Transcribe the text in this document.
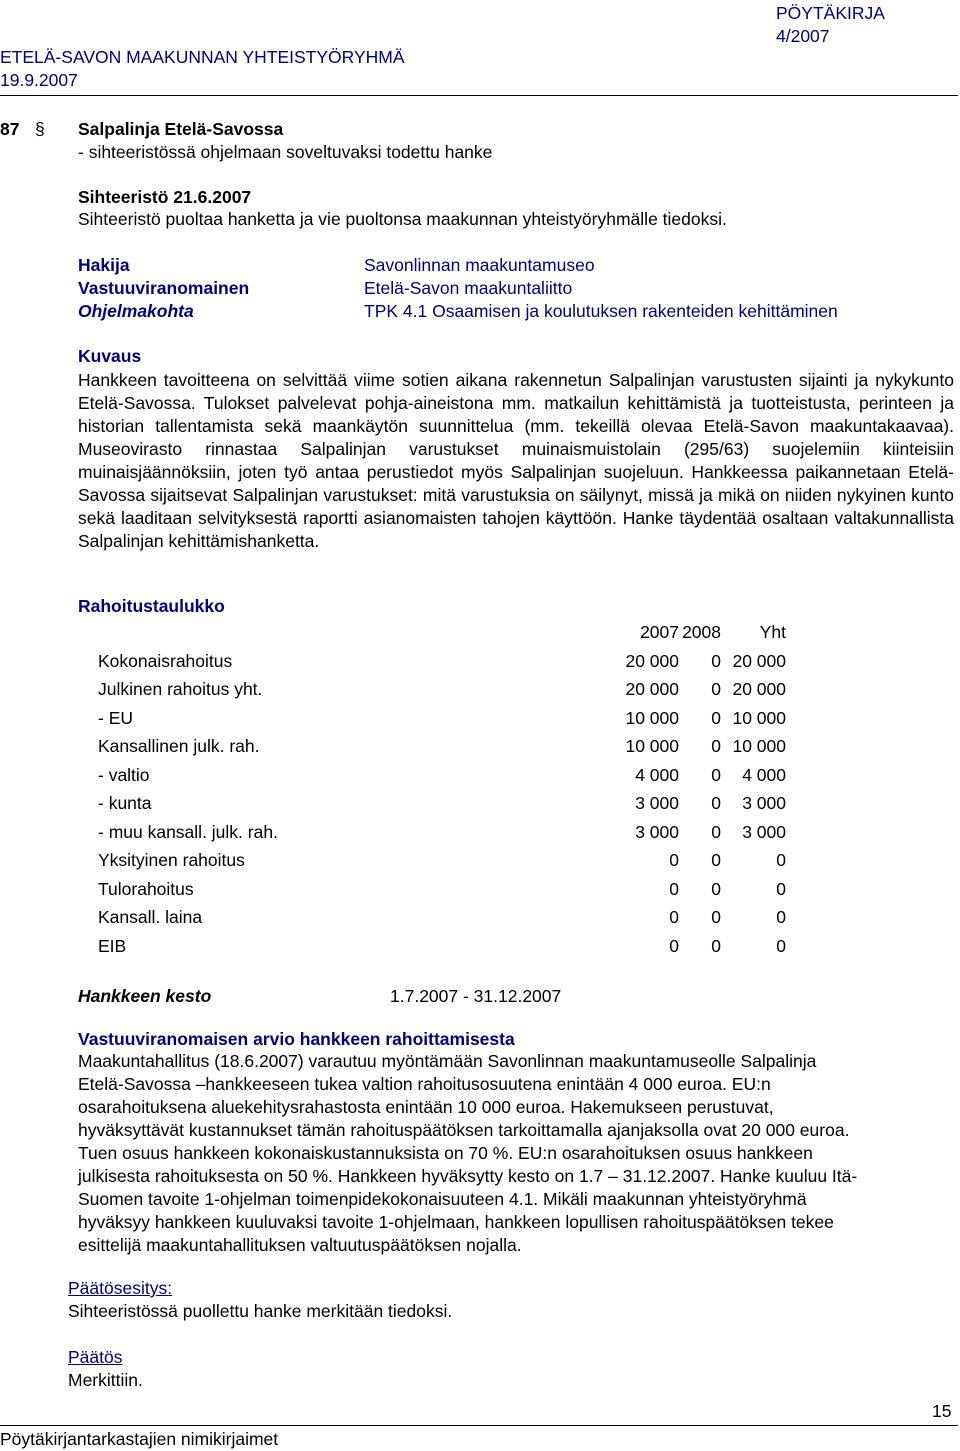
PÖYTÄKIRJA
4/2007
ETELÄ-SAVON MAAKUNNAN YHTEISTYÖRYHMÄ
19.9.2007
87 § Salpalinja Etelä-Savossa
- sihteeristössä ohjelmaan soveltuvaksi todettu hanke
Sihteeristö 21.6.2007
Sihteeristö puoltaa hanketta ja vie puoltonsa maakunnan yhteistyöryhmälle tiedoksi.
Hakija	Savonlinnan maakuntamuseo
Vastuuviranomainen	Etelä-Savon maakuntaliitto
Ohjelmakohta	TPK 4.1 Osaamisen ja koulutuksen rakenteiden kehittäminen
Kuvaus
Hankkeen tavoitteena on selvittää viime sotien aikana rakennetun Salpalinjan varustusten sijainti ja nykykunto Etelä-Savossa. Tulokset palvelevat pohja-aineistona mm. matkailun kehittämistä ja tuotteistusta, perinteen ja historian tallentamista sekä maankäytön suunnittelua (mm. tekeillä olevaa Etelä-Savon maakuntakaavaa). Museovirasto rinnastaa Salpalinjan varustukset muinaismuistolain (295/63) suojelemiin kiinteisiin muinaisjäännöksiin, joten työ antaa perustiedot myös Salpalinjan suojeluun. Hankkeessa paikannetaan Etelä-Savossa sijaitsevat Salpalinjan varustukset: mitä varustuksia on säilynyt, missä ja mikä on niiden nykyinen kunto sekä laaditaan selvityksestä raportti asianomaisten tahojen käyttöön. Hanke täydentää osaltaan valtakunnallista Salpalinjan kehittämishanketta.
Rahoitustaulukko
2007 2008 Yht
Kokonaisrahoitus	20 000 0 20 000
Julkinen rahoitus yht.	20 000 0 20 000
- EU	10 000 0 10 000
Kansallinen julk. rah.	10 000 0 10 000
- valtio	4 000 0 4 000
- kunta	3 000 0 3 000
- muu kansall. julk. rah.	3 000 0 3 000
Yksityinen rahoitus	0 0	0
Tulorahoitus	0 0	0
Kansall. laina	0 0	0
EIB	0 0	0
Hankkeen kesto	1.7.2007 - 31.12.2007
Vastuuviranomaisen arvio hankkeen rahoittamisesta
Maakuntahallitus (18.6.2007) varautuu myöntämään Savonlinnan maakuntamuseolle Salpalinja
Etelä-Savossa –hankkeeseen tukea valtion rahoitusosuutena enintään 4 000 euroa. EU:n
osarahoituksena aluekehitysrahastosta enintään 10 000 euroa. Hakemukseen perustuvat,
hyväksyttävät kustannukset tämän rahoituspäätöksen tarkoittamalla ajanjaksolla ovat 20 000 euroa.
Tuen osuus hankkeen kokonaiskustannuksista on 70 %. EU:n osarahoituksen osuus hankkeen
julkisesta rahoituksesta on 50 %. Hankkeen hyväksytty kesto on 1.7 – 31.12.2007. Hanke kuuluu Itä-
Suomen tavoite 1-ohjelman toimenpidekokonaisuuteen 4.1. Mikäli maakunnan yhteistyöryhmä
hyväksyy hankkeen kuuluvaksi tavoite 1-ohjelmaan, hankkeen lopullisen rahoituspäätöksen tekee
esittelijä maakuntahallituksen valtuutuspäätöksen nojalla.
Päätösesitys:
Sihteeristössä puollettu hanke merkitään tiedoksi.
Päätös
Merkittiin.
15
Pöytäkirjantarkastajien nimikirjaimet
